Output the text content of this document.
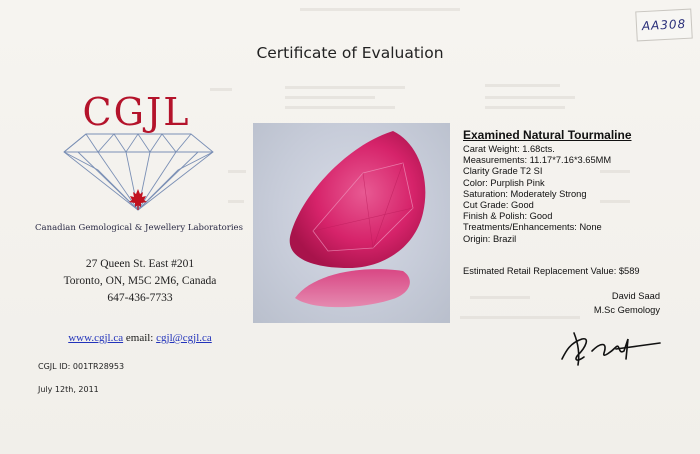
AA308
Certificate of Evaluation
CGJL
Canadian Gemological & Jewellery Laboratories
27 Queen St. East #201
Toronto, ON, M5C 2M6, Canada
647-436-7733
www.cgjl.ca email: cgjl@cgjl.ca
CGJL ID: 001TR28953
July 12th, 2011
Examined Natural Tourmaline
Carat Weight: 1.68cts.
Measurements: 11.17*7.16*3.65MM
Clarity Grade T2 SI
Color: Purplish Pink
Saturation: Moderately Strong
Cut Grade: Good
Finish & Polish: Good
Treatments/Enhancements: None
Origin: Brazil
Estimated Retail Replacement Value: $589
David Saad
M.Sc Gemology
